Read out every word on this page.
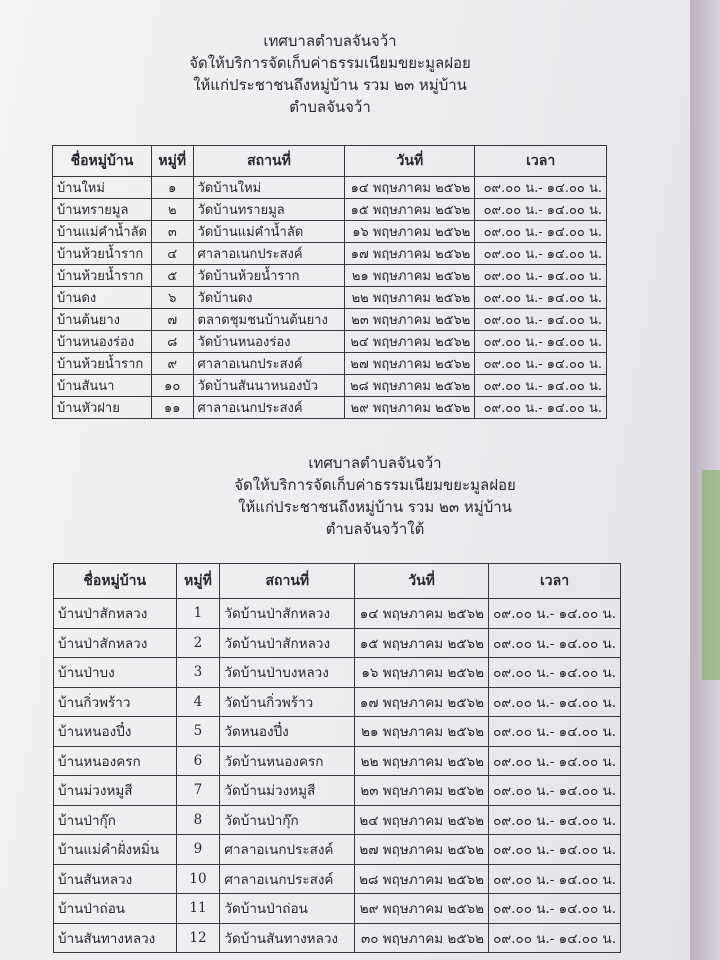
เทศบาลตำบลจันจว้า
จัดให้บริการจัดเก็บค่าธรรมเนียมขยะมูลฝอย
ให้แก่ประชาชนถึงหมู่บ้าน รวม ๒๓ หมู่บ้าน
ตำบลจันจว้า
ชื่อหมู่บ้าน	หมู่ที่	สถานที่	วันที่	เวลา
บ้านใหม่	๑	วัดบ้านใหม่	๑๔ พฤษภาคม ๒๕๖๒	๐๙.๐๐ น.- ๑๔.๐๐ น.
บ้านทรายมูล	๒	วัดบ้านทรายมูล	๑๕ พฤษภาคม ๒๕๖๒	๐๙.๐๐ น.- ๑๔.๐๐ น.
บ้านแม่คำน้ำลัด	๓	วัดบ้านแม่คำน้ำลัด	๑๖ พฤษภาคม ๒๕๖๒	๐๙.๐๐ น.- ๑๔.๐๐ น.
บ้านห้วยน้ำราก	๔	ศาลาอเนกประสงค์	๑๗ พฤษภาคม ๒๕๖๒	๐๙.๐๐ น.- ๑๔.๐๐ น.
บ้านห้วยน้ำราก	๕	วัดบ้านห้วยน้ำราก	๒๑ พฤษภาคม ๒๕๖๒	๐๙.๐๐ น.- ๑๔.๐๐ น.
บ้านดง	๖	วัดบ้านดง	๒๒ พฤษภาคม ๒๕๖๒	๐๙.๐๐ น.- ๑๔.๐๐ น.
บ้านต้นยาง	๗	ตลาดชุมชนบ้านต้นยาง	๒๓ พฤษภาคม ๒๕๖๒	๐๙.๐๐ น.- ๑๔.๐๐ น.
บ้านหนองร่อง	๘	วัดบ้านหนองร่อง	๒๔ พฤษภาคม ๒๕๖๒	๐๙.๐๐ น.- ๑๔.๐๐ น.
บ้านห้วยน้ำราก	๙	ศาลาอเนกประสงค์	๒๗ พฤษภาคม ๒๕๖๒	๐๙.๐๐ น.- ๑๔.๐๐ น.
บ้านสันนา	๑๐	วัดบ้านสันนาหนองบัว	๒๘ พฤษภาคม ๒๕๖๒	๐๙.๐๐ น.- ๑๔.๐๐ น.
บ้านหัวฝาย	๑๑	ศาลาอเนกประสงค์	๒๙ พฤษภาคม ๒๕๖๒	๐๙.๐๐ น.- ๑๔.๐๐ น.
เทศบาลตำบลจันจว้า
จัดให้บริการจัดเก็บค่าธรรมเนียมขยะมูลฝอย
ให้แก่ประชาชนถึงหมู่บ้าน รวม ๒๓ หมู่บ้าน
ตำบลจันจว้าใต้
ชื่อหมู่บ้าน	หมู่ที่	สถานที่	วันที่	เวลา
บ้านป่าสักหลวง	1	วัดบ้านป่าสักหลวง	๑๔ พฤษภาคม ๒๕๖๒	๐๙.๐๐ น.- ๑๔.๐๐ น.
บ้านป่าสักหลวง	2	วัดบ้านป่าสักหลวง	๑๕ พฤษภาคม ๒๕๖๒	๐๙.๐๐ น.- ๑๔.๐๐ น.
บ้านป่าบง	3	วัดบ้านป่าบงหลวง	๑๖ พฤษภาคม ๒๕๖๒	๐๙.๐๐ น.- ๑๔.๐๐ น.
บ้านกิ่วพร้าว	4	วัดบ้านกิ่วพร้าว	๑๗ พฤษภาคม ๒๕๖๒	๐๙.๐๐ น.- ๑๔.๐๐ น.
บ้านหนองปึ๋ง	5	วัดหนองปึ๋ง	๒๑ พฤษภาคม ๒๕๖๒	๐๙.๐๐ น.- ๑๔.๐๐ น.
บ้านหนองครก	6	วัดบ้านหนองครก	๒๒ พฤษภาคม ๒๕๖๒	๐๙.๐๐ น.- ๑๔.๐๐ น.
บ้านม่วงหมูสี	7	วัดบ้านม่วงหมูสี	๒๓ พฤษภาคม ๒๕๖๒	๐๙.๐๐ น.- ๑๔.๐๐ น.
บ้านป่ากุ๊ก	8	วัดบ้านป่ากุ๊ก	๒๔ พฤษภาคม ๒๕๖๒	๐๙.๐๐ น.- ๑๔.๐๐ น.
บ้านแม่คำฝั่งหมิ่น	9	ศาลาอเนกประสงค์	๒๗ พฤษภาคม ๒๕๖๒	๐๙.๐๐ น.- ๑๔.๐๐ น.
บ้านสันหลวง	10	ศาลาอเนกประสงค์	๒๘ พฤษภาคม ๒๕๖๒	๐๙.๐๐ น.- ๑๔.๐๐ น.
บ้านป่าถ่อน	11	วัดบ้านป่าถ่อน	๒๙ พฤษภาคม ๒๕๖๒	๐๙.๐๐ น.- ๑๔.๐๐ น.
บ้านสันทางหลวง	12	วัดบ้านสันทางหลวง	๓๐ พฤษภาคม ๒๕๖๒	๐๙.๐๐ น.- ๑๔.๐๐ น.
